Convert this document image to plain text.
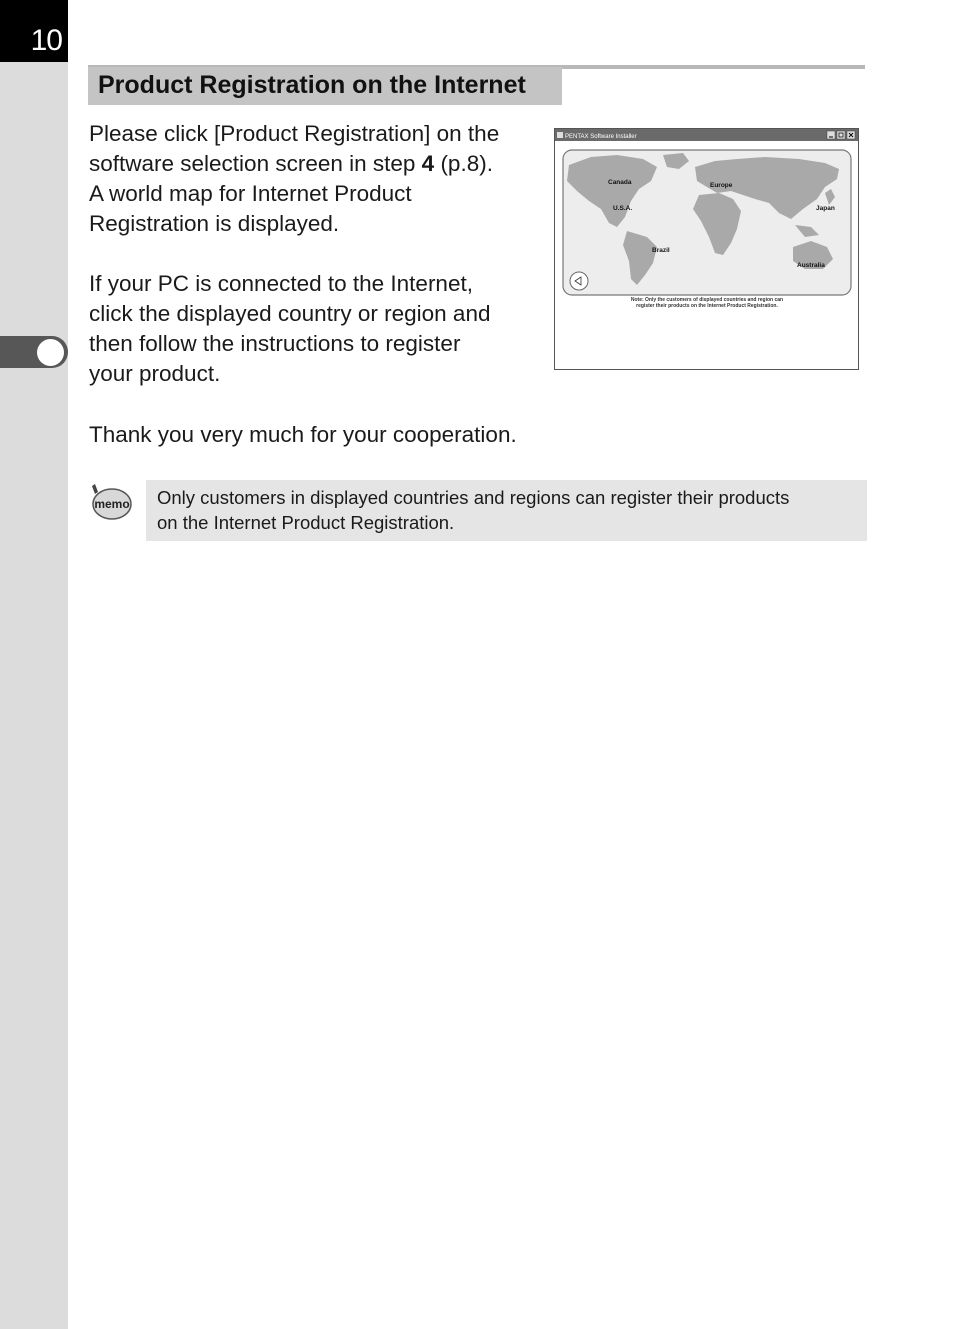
10
Product Registration on the Internet
Please click [Product Registration] on the
software selection screen in step 4 (p.8).
A world map for Internet Product
Registration is displayed.
If your PC is connected to the Internet,
click the displayed country or region and
then follow the instructions to register
your product.
Thank you very much for your cooperation.
PENTAX Software Installer
Canada
U.S.A.
Europe
Japan
Brazil
Australia
Note: Only the customers of displayed countries and region can
register their products on the Internet Product Registration.
memo Only customers in displayed countries and regions can register their products
on the Internet Product Registration.
